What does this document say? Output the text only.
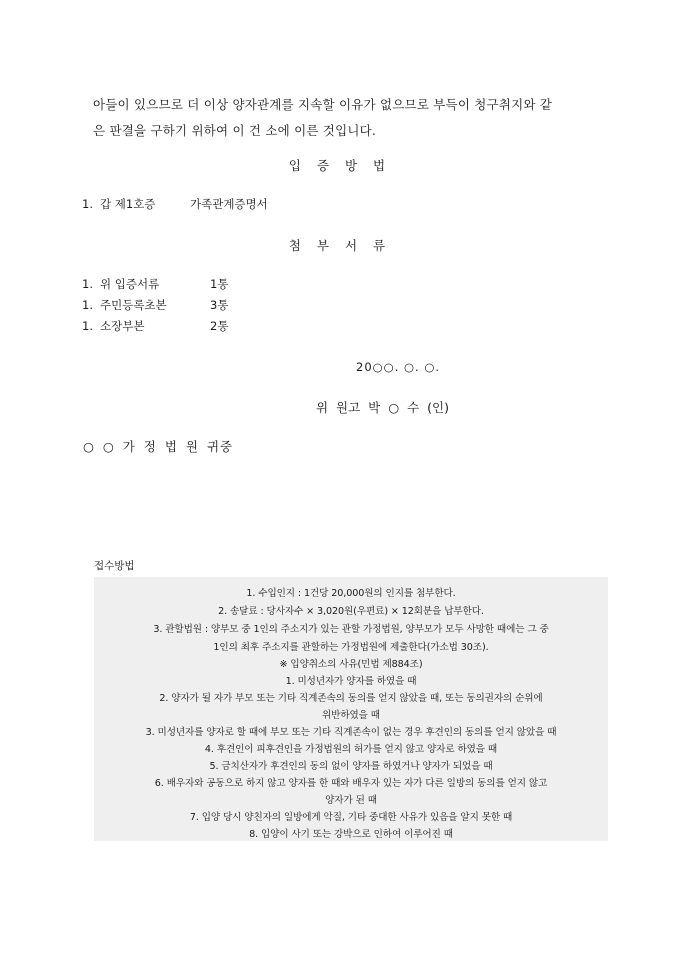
아들이 있으므로 더 이상 양자관계를 지속할 이유가 없으므로 부득이 청구취지와 같

은 판결을 구하기 위하여 이 건 소에 이른 것입니다.

입 증 방 법
1. 갑 제1호증	가족관계증명서
첨 부 서 류
1. 위 입증서류	1통
1. 주민등록초본	3통
1. 소장부본	2통
20○○. ○. ○.
위 원고 박 ○ 수 (인)
○ ○ 가 정 법 원 귀중
접수방법
1. 수입인지 : 1건당 20,000원의 인지를 첨부한다.
2. 송달료 : 당사자수 × 3,020원(우편료) × 12회분을 납부한다.
3. 관할법원 : 양부모 중 1인의 주소지가 있는 관할 가정법원, 양부모가 모두 사망한 때에는 그 중
1인의 최후 주소지를 관할하는 가정법원에 제출한다(가소법 30조).
※ 입양취소의 사유(민법 제884조)
1. 미성년자가 양자를 하였을 때
2. 양자가 될 자가 부모 또는 기타 직계존속의 동의를 얻지 않았을 때, 또는 동의권자의 순위에
위반하였을 때
3. 미성년자를 양자로 할 때에 부모 또는 기타 직계존속이 없는 경우 후견인의 동의를 얻지 않았을 때
4. 후견인이 피후견인을 가정법원의 허가를 얻지 않고 양자로 하였을 때
5. 금치산자가 후견인의 동의 없이 양자를 하였거나 양자가 되었을 때
6. 배우자와 공동으로 하지 않고 양자를 한 때와 배우자 있는 자가 다른 일방의 동의를 얻지 않고
양자가 된 때
7. 입양 당시 양친자의 일방에게 악질, 기타 중대한 사유가 있음을 알지 못한 때
8. 입양이 사기 또는 강박으로 인하여 이루어진 때
